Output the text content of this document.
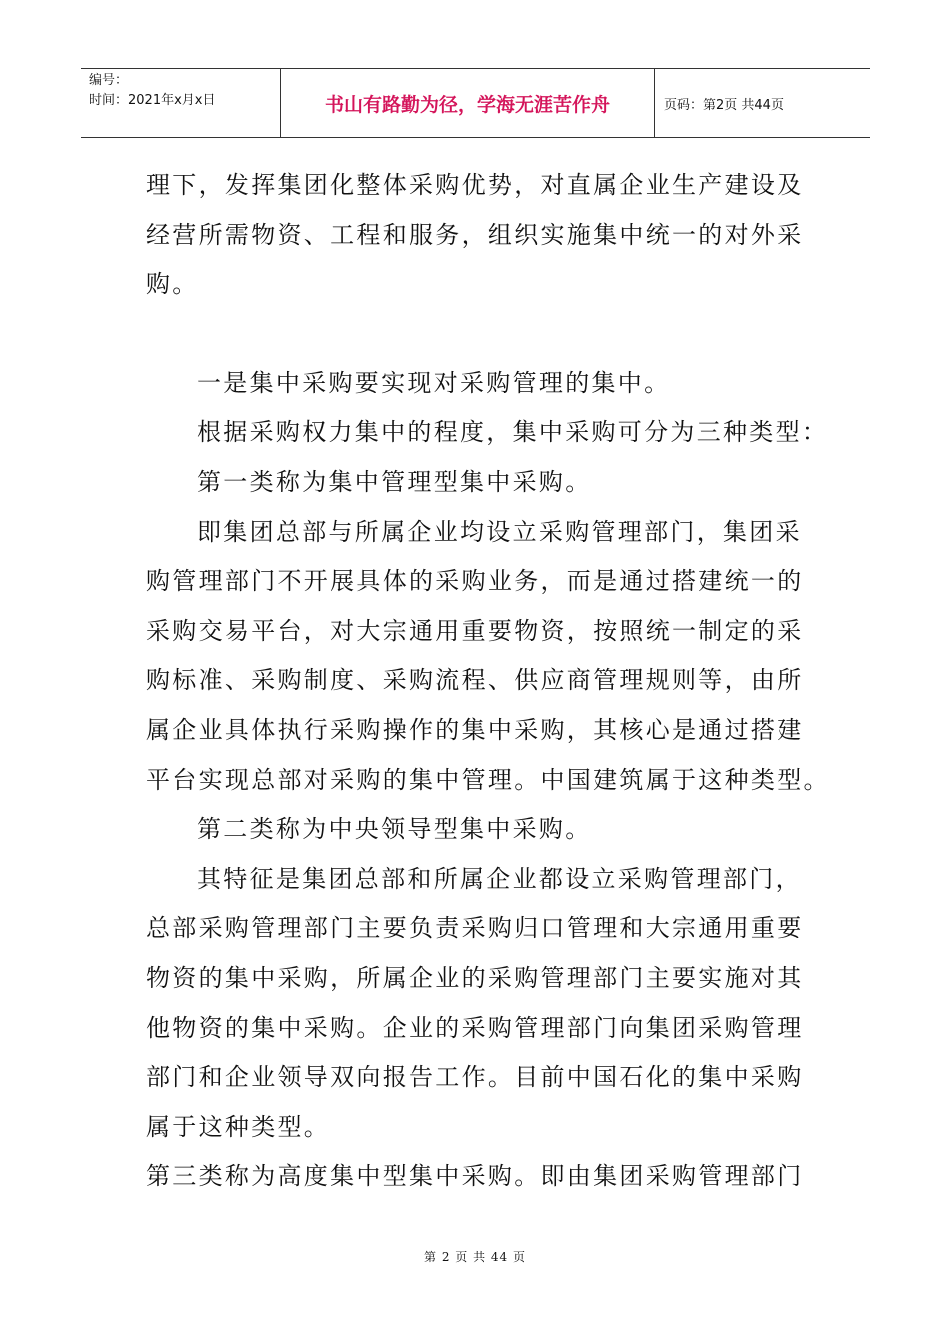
编号：
时间：2021年x月x日	书山有路勤为径，学海无涯苦作舟	页码：第2页 共44页

理下，发挥集团化整体采购优势，对直属企业生产建设及

经营所需物资、工程和服务，组织实施集中统一的对外采

购。

一是集中采购要实现对采购管理的集中。

根据采购权力集中的程度，集中采购可分为三种类型：

第一类称为集中管理型集中采购。

即集团总部与所属企业均设立采购管理部门，集团采

购管理部门不开展具体的采购业务，而是通过搭建统一的

采购交易平台，对大宗通用重要物资，按照统一制定的采

购标准、采购制度、采购流程、供应商管理规则等，由所

属企业具体执行采购操作的集中采购，其核心是通过搭建

平台实现总部对采购的集中管理。中国建筑属于这种类型。

第二类称为中央领导型集中采购。

其特征是集团总部和所属企业都设立采购管理部门，

总部采购管理部门主要负责采购归口管理和大宗通用重要

物资的集中采购，所属企业的采购管理部门主要实施对其

他物资的集中采购。企业的采购管理部门向集团采购管理

部门和企业领导双向报告工作。目前中国石化的集中采购

属于这种类型。

第三类称为高度集中型集中采购。即由集团采购管理部门

第 2 页 共 44 页
